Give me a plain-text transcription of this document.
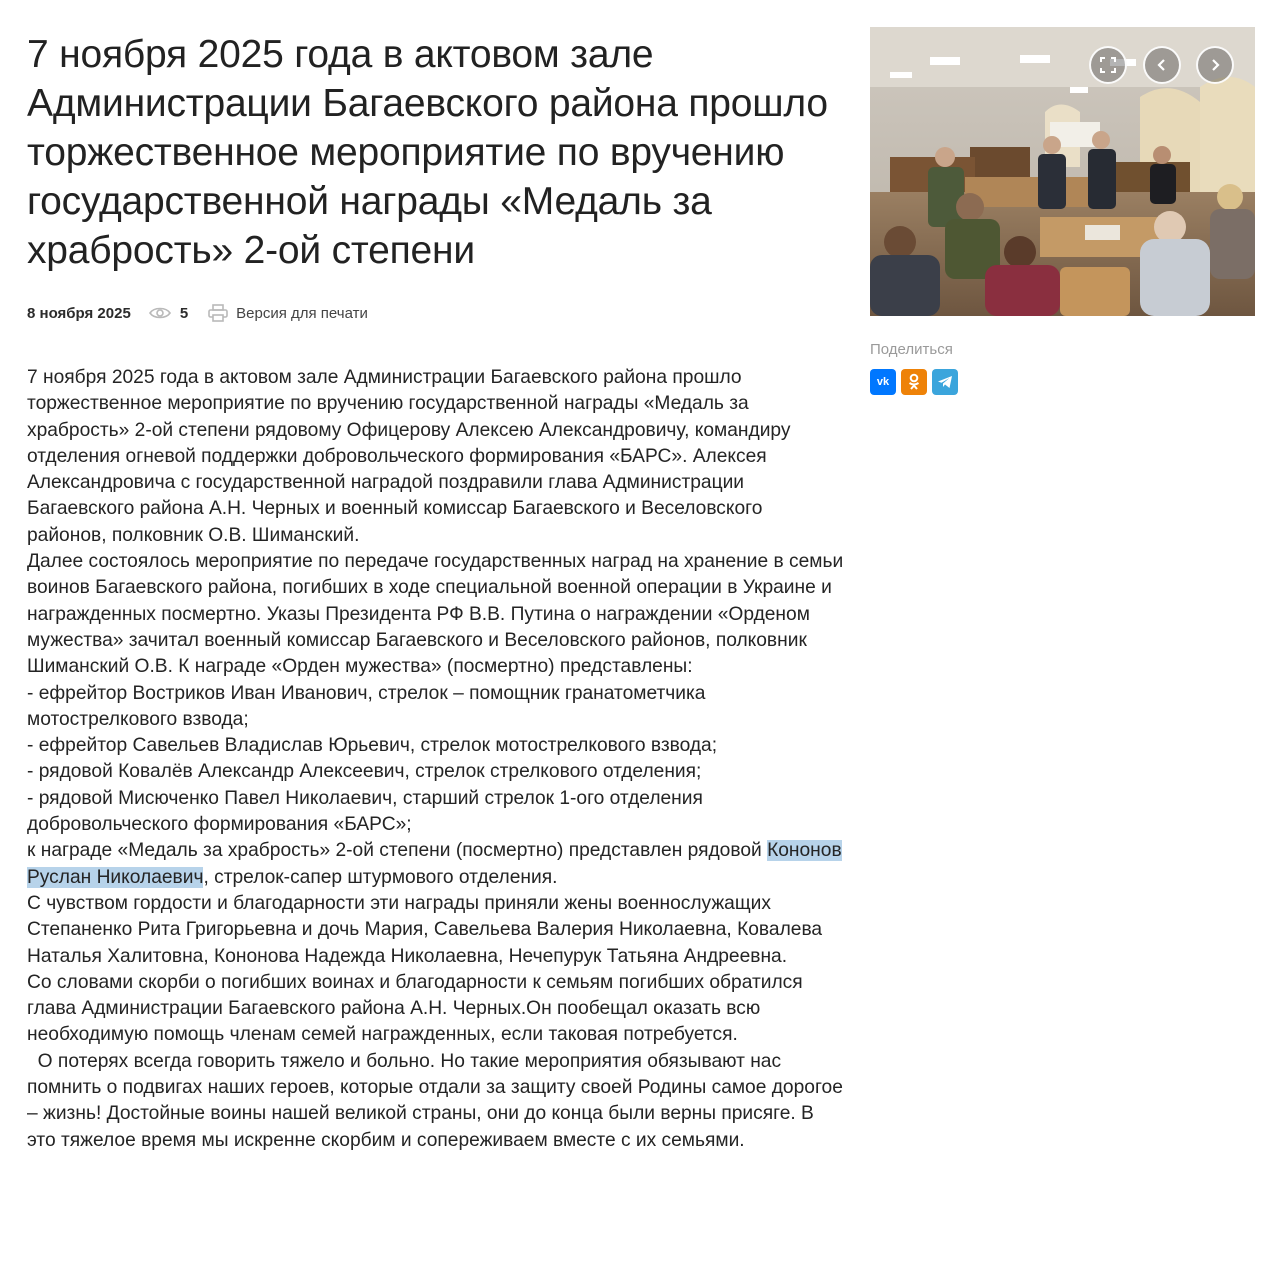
7 ноября 2025 года в актовом зале Администрации Багаевского района прошло торжественное мероприятие по вручению государственной награды «Медаль за храбрость» 2-ой степени
8 ноября 2025	5	Версия для печати

7 ноября 2025 года в актовом зале Администрации Багаевского района прошло торжественное мероприятие по вручению государственной награды «Медаль за храбрость» 2-ой степени рядовому Офицерову Алексею Александровичу, командиру отделения огневой поддержки добровольческого формирования «БАРС». Алексея Александровича с государственной наградой поздравили глава Администрации Багаевского района А.Н. Черных и военный комиссар Багаевского и Веселовского районов, полковник О.В. Шиманский.

Далее состоялось мероприятие по передаче государственных наград на хранение в семьи воинов Багаевского района, погибших в ходе специальной военной операции в Украине и награжденных посмертно. Указы Президента РФ В.В. Путина о награждении «Орденом мужества» зачитал военный комиссар Багаевского и Веселовского районов, полковник Шиманский О.В. К награде «Орден мужества» (посмертно) представлены:

- ефрейтор Востриков Иван Иванович, стрелок – помощник гранатометчика мотострелкового взвода;

- ефрейтор Савельев Владислав Юрьевич, стрелок мотострелкового взвода;

- рядовой Ковалёв Александр Алексеевич, стрелок стрелкового отделения;

- рядовой Мисюченко Павел Николаевич, старший стрелок 1-ого отделения добровольческого формирования «БАРС»;

к награде «Медаль за храбрость» 2-ой степени (посмертно) представлен рядовой Кононов Руслан Николаевич, стрелок-сапер штурмового отделения.

С чувством гордости и благодарности эти награды приняли жены военнослужащих Степаненко Рита Григорьевна и дочь Мария, Савельева Валерия Николаевна, Ковалева Наталья Халитовна, Кононова Надежда Николаевна, Нечепурук Татьяна Андреевна.

Со словами скорби о погибших воинах и благодарности к семьям погибших обратился глава Администрации Багаевского района А.Н. Черных.Он пообещал оказать всю необходимую помощь членам семей награжденных, если таковая потребуется.

О потерях всегда говорить тяжело и больно. Но такие мероприятия обязывают нас помнить о подвигах наших героев, которые отдали за защиту своей Родины самое дорогое – жизнь! Достойные воины нашей великой страны, они до конца были верны присяге. В это тяжелое время мы искренне скорбим и сопереживаем вместе с их семьями.

Поделиться
vk
